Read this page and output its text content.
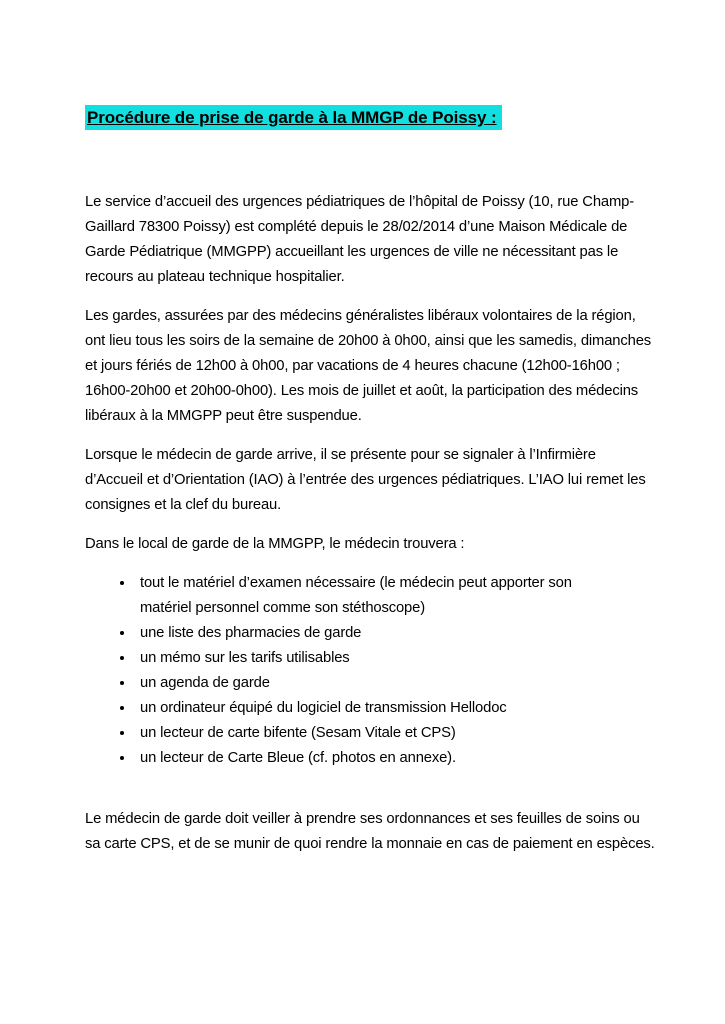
Procédure de prise de garde à la MMGP de Poissy :

Le service d’accueil des urgences pédiatriques de l’hôpital de Poissy (10, rue Champ-Gaillard 78300 Poissy) est complété depuis le 28/02/2014 d’une Maison Médicale de Garde Pédiatrique (MMGPP) accueillant les urgences de ville ne nécessitant pas le recours au plateau technique hospitalier.

Les gardes, assurées par des médecins généralistes libéraux volontaires de la région, ont lieu tous les soirs de la semaine de 20h00 à 0h00, ainsi que les samedis, dimanches et jours fériés de 12h00 à 0h00, par vacations de 4 heures chacune (12h00-16h00 ; 16h00-20h00 et 20h00-0h00). Les mois de juillet et août, la participation des médecins libéraux à la MMGPP peut être suspendue.

Lorsque le médecin de garde arrive, il se présente pour se signaler à l’Infirmière d’Accueil et d’Orientation (IAO) à l’entrée des urgences pédiatriques. L’IAO lui remet les consignes et la clef du bureau.

Dans le local de garde de la MMGPP, le médecin trouvera :

• tout le matériel d’examen nécessaire (le médecin peut apporter son matériel personnel comme son stéthoscope)
• une liste des pharmacies de garde
• un mémo sur les tarifs utilisables
• un agenda de garde
• un ordinateur équipé du logiciel de transmission Hellodoc
• un lecteur de carte bifente (Sesam Vitale et CPS)
• un lecteur de Carte Bleue (cf. photos en annexe).

Le médecin de garde doit veiller à prendre ses ordonnances et ses feuilles de soins ou sa carte CPS, et de se munir de quoi rendre la monnaie en cas de paiement en espèces.
